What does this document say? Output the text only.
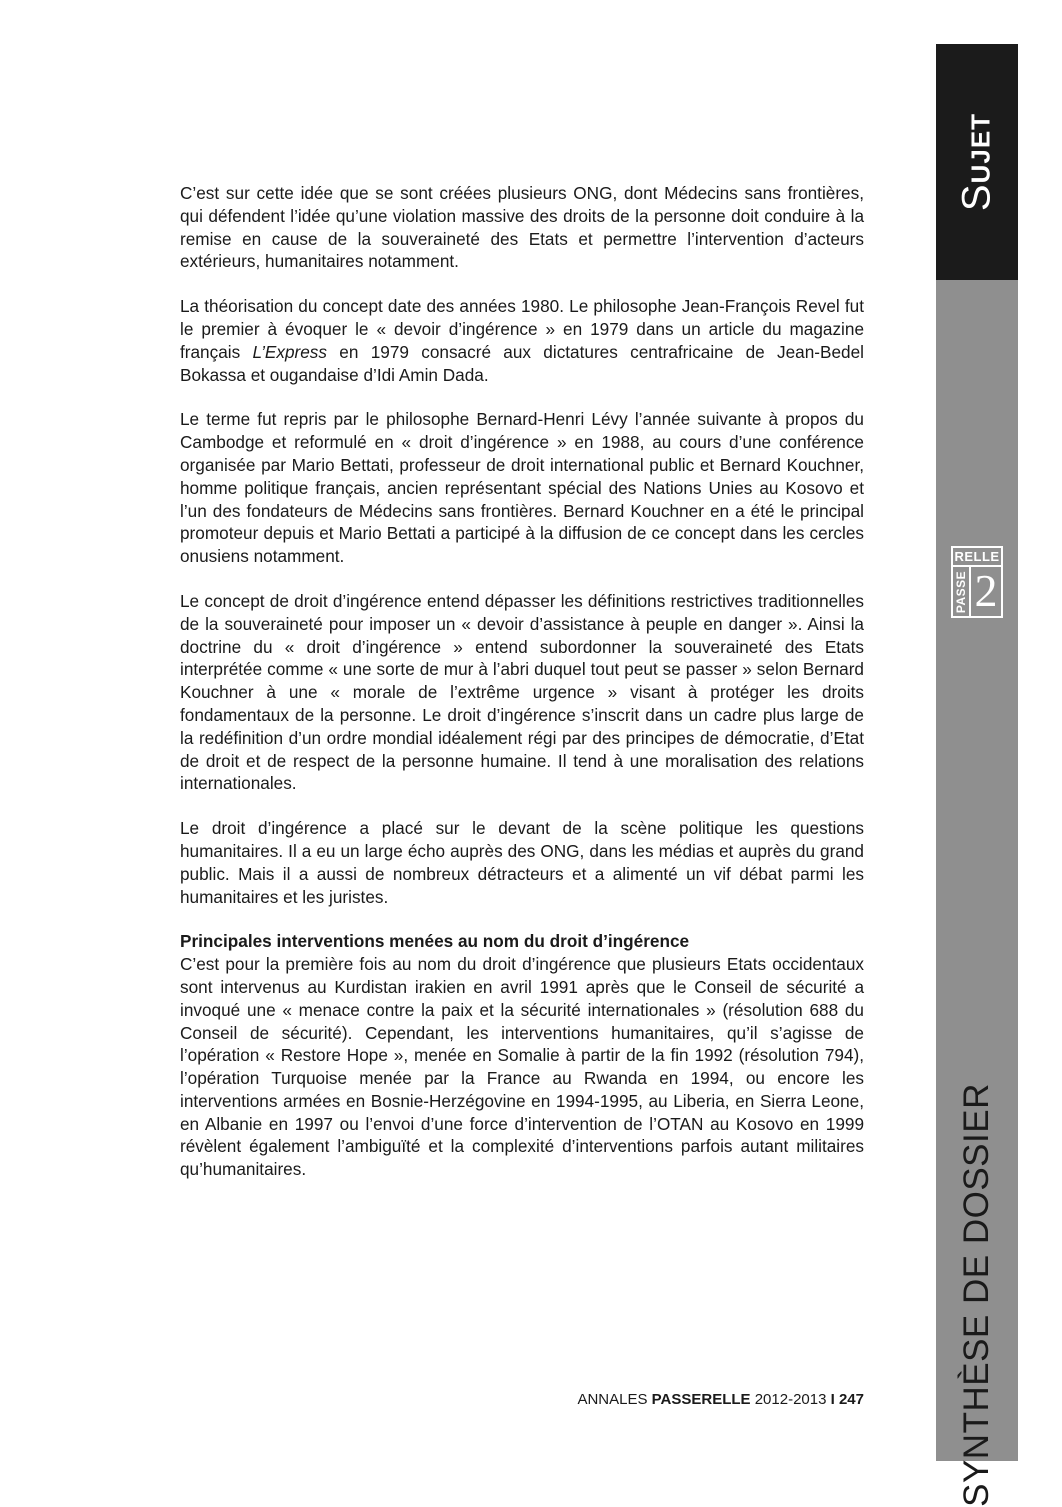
SUJET
SYNTHÈSE DE DOSSIER
RELLE
PASSE 2

C’est sur cette idée que se sont créées plusieurs ONG, dont Médecins sans frontières, qui défendent l’idée qu’une violation massive des droits de la personne doit conduire à la remise en cause de la souveraineté des Etats et permettre l’intervention d’acteurs extérieurs, humanitaires notamment.

La théorisation du concept date des années 1980. Le philosophe Jean-François Revel fut le premier à évoquer le « devoir d’ingérence » en 1979 dans un article du magazine français L’Express en 1979 consacré aux dictatures centrafricaine de Jean-Bedel Bokassa et ougandaise d’Idi Amin Dada.

Le terme fut repris par le philosophe Bernard-Henri Lévy l’année suivante à propos du Cambodge et reformulé en « droit d’ingérence » en 1988, au cours d’une conférence organisée par Mario Bettati, professeur de droit international public et Bernard Kouchner, homme politique français, ancien représentant spécial des Nations Unies au Kosovo et l’un des fondateurs de Médecins sans frontières. Bernard Kouchner en a été le principal promoteur depuis et Mario Bettati a participé à la diffusion de ce concept dans les cercles onusiens notamment.

Le concept de droit d’ingérence entend dépasser les définitions restrictives traditionnelles de la souveraineté pour imposer un « devoir d’assistance à peuple en danger ». Ainsi la doctrine du « droit d’ingérence » entend subordonner la souveraineté des Etats interprétée comme « une sorte de mur à l’abri duquel tout peut se passer » selon Bernard Kouchner à une « morale de l’extrême urgence » visant à protéger les droits fondamentaux de la personne. Le droit d’ingérence s’inscrit dans un cadre plus large de la redéfinition d’un ordre mondial idéalement régi par des principes de démocratie, d’Etat de droit et de respect de la personne humaine. Il tend à une moralisation des relations internationales.

Le droit d’ingérence a placé sur le devant de la scène politique les questions humanitaires. Il a eu un large écho auprès des ONG, dans les médias et auprès du grand public. Mais il a aussi de nombreux détracteurs et a alimenté un vif débat parmi les humanitaires et les juristes.

Principales interventions menées au nom du droit d’ingérence

C’est pour la première fois au nom du droit d’ingérence que plusieurs Etats occidentaux sont intervenus au Kurdistan irakien en avril 1991 après que le Conseil de sécurité a invoqué une « menace contre la paix et la sécurité internationales » (résolution 688 du Conseil de sécurité). Cependant, les interventions humanitaires, qu’il s’agisse de l’opération « Restore Hope », menée en Somalie à partir de la fin 1992 (résolution 794), l’opération Turquoise menée par la France au Rwanda en 1994, ou encore les interventions armées en Bosnie-Herzégovine en 1994-1995, au Liberia, en Sierra Leone, en Albanie en 1997 ou l’envoi d’une force d’intervention de l’OTAN au Kosovo en 1999 révèlent également l’ambiguïté et la complexité d’interventions parfois autant militaires qu’humanitaires.

ANNALES PASSERELLE 2012-2013 I 247
